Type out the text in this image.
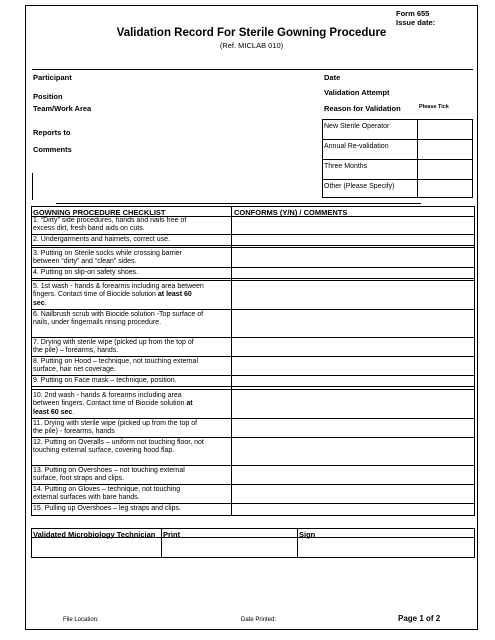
Form 655
Issue date:
Validation Record For Sterile Gowning Procedure
(Ref. MICLAB 010)
Participant
Position
Team/Work Area
Reports to
Comments
Date
Validation Attempt
Reason for Validation	Please Tick
New Sterile Operator
Annual Re-validation
Three Months
Other (Please Specify)
GOWNING PROCEDURE CHECKLIST	CONFORMS (Y/N) / COMMENTS
1. “Dirty” side procedures, hands and nails free of excess dirt, fresh band aids on cuts.
2. Undergarments and hairnets, correct use.
3. Putting on Sterile socks while crossing barrier between “dirty” and “clean” sides.
4. Putting on slip-on safety shoes.
5. 1st wash - hands & forearms including area between fingers. Contact time of Biocide solution at least 60 sec.
6. Nailbrush scrub with Biocide solution -Top surface of nails, under fingernails rinsing procedure.
7. Drying with sterile wipe (picked up from the top of the pile) – forearms, hands.
8. Putting on Hood – technique, not touching external surface, hair net coverage.
9. Putting on Face mask – technique, position.
10. 2nd wash - hands & forearms including area between fingers. Contact time of Biocide solution at least 60 sec.
11. Drying with sterile wipe (picked up from the top of the pile) - forearms, hands
12. Putting on Overalls – uniform not touching floor, not touching external surface, covering hood flap.
13. Putting on Overshoes – not touching external surface, foot straps and clips.
14. Putting on Gloves – technique, not touching external surfaces with bare hands.
15. Pulling up Overshoes – leg straps and clips.
Validated Microbiology Technician	Print	Sign
File Location:	Date Printed:	Page 1 of 2
